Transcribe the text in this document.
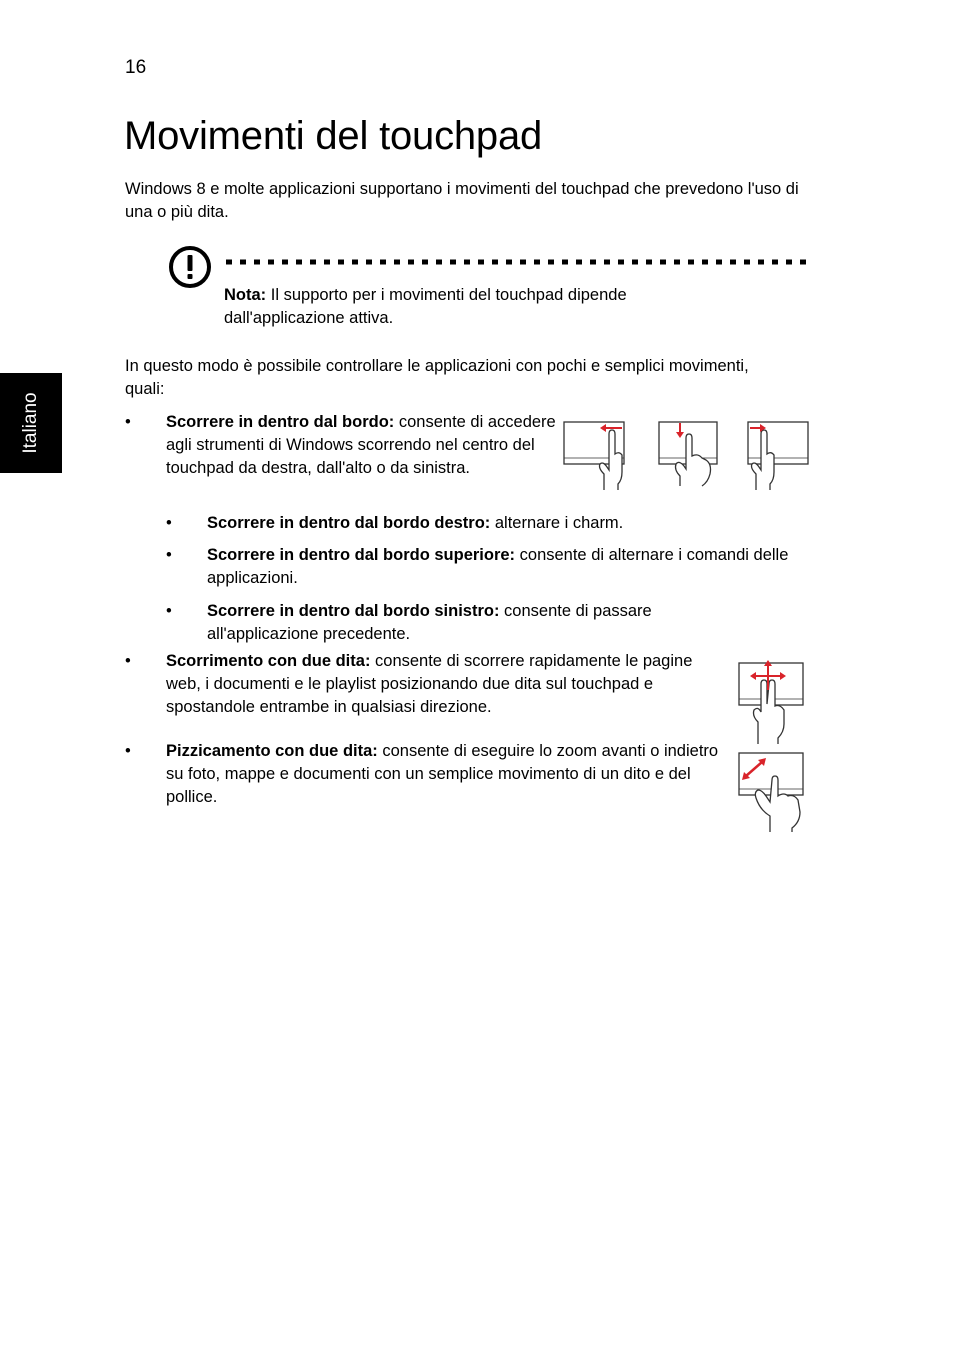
16
Italiano
Movimenti del touchpad
Windows 8 e molte applicazioni supportano i movimenti del touchpad che prevedono l'uso di una o più dita.
Nota: Il supporto per i movimenti del touchpad dipende dall'applicazione attiva.
In questo modo è possibile controllare le applicazioni con pochi e semplici movimenti, quali:
• Scorrere in dentro dal bordo: consente di accedere agli strumenti di Windows scorrendo nel centro del touchpad da destra, dall'alto o da sinistra.
• Scorrere in dentro dal bordo destro: alternare i charm.
• Scorrere in dentro dal bordo superiore: consente di alternare i comandi delle applicazioni.
• Scorrere in dentro dal bordo sinistro: consente di passare all'applicazione precedente.
• Scorrimento con due dita: consente di scorrere rapidamente le pagine web, i documenti e le playlist posizionando due dita sul touchpad e spostandole entrambe in qualsiasi direzione.
• Pizzicamento con due dita: consente di eseguire lo zoom avanti o indietro su foto, mappe e documenti con un semplice movimento di un dito e del pollice.
